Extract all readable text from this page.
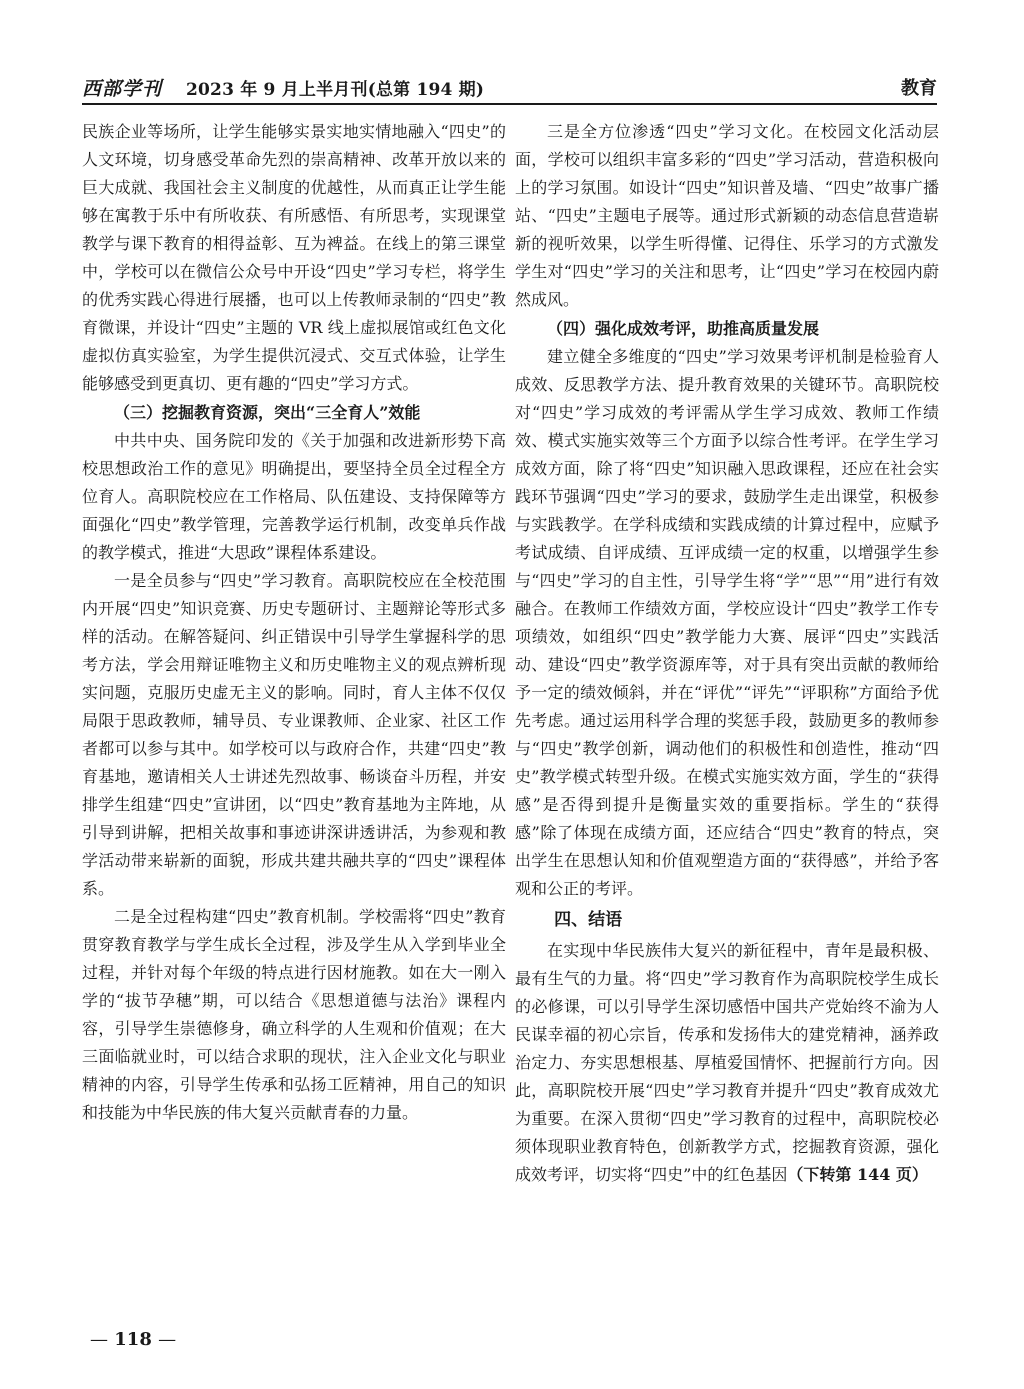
西部学刊 2023 年 9 月上半月刊(总第 194 期)	教育

民族企业等场所，让学生能够实景实地实情地融入“四史”的人文环境，切身感受革命先烈的崇高精神、改革开放以来的巨大成就、我国社会主义制度的优越性，从而真正让学生能够在寓教于乐中有所收获、有所感悟、有所思考，实现课堂教学与课下教育的相得益彰、互为裨益。在线上的第三课堂中，学校可以在微信公众号中开设“四史”学习专栏，将学生的优秀实践心得进行展播，也可以上传教师录制的“四史”教育微课，并设计“四史”主题的 VR 线上虚拟展馆或红色文化虚拟仿真实验室，为学生提供沉浸式、交互式体验，让学生能够感受到更真切、更有趣的“四史”学习方式。

（三）挖掘教育资源，突出“三全育人”效能

中共中央、国务院印发的《关于加强和改进新形势下高校思想政治工作的意见》明确提出，要坚持全员全过程全方位育人。高职院校应在工作格局、队伍建设、支持保障等方面强化“四史”教学管理，完善教学运行机制，改变单兵作战的教学模式，推进“大思政”课程体系建设。

一是全员参与“四史”学习教育。高职院校应在全校范围内开展“四史”知识竞赛、历史专题研讨、主题辩论等形式多样的活动。在解答疑问、纠正错误中引导学生掌握科学的思考方法，学会用辩证唯物主义和历史唯物主义的观点辨析现实问题，克服历史虚无主义的影响。同时，育人主体不仅仅局限于思政教师，辅导员、专业课教师、企业家、社区工作者都可以参与其中。如学校可以与政府合作，共建“四史”教育基地，邀请相关人士讲述先烈故事、畅谈奋斗历程，并安排学生组建“四史”宣讲团，以“四史”教育基地为主阵地，从引导到讲解，把相关故事和事迹讲深讲透讲活，为参观和教学活动带来崭新的面貌，形成共建共融共享的“四史”课程体系。

二是全过程构建“四史”教育机制。学校需将“四史”教育贯穿教育教学与学生成长全过程，涉及学生从入学到毕业全过程，并针对每个年级的特点进行因材施教。如在大一刚入学的“拔节孕穗”期，可以结合《思想道德与法治》课程内容，引导学生崇德修身，确立科学的人生观和价值观；在大三面临就业时，可以结合求职的现状，注入企业文化与职业精神的内容，引导学生传承和弘扬工匠精神，用自己的知识和技能为中华民族的伟大复兴贡献青春的力量。

三是全方位渗透“四史”学习文化。在校园文化活动层面，学校可以组织丰富多彩的“四史”学习活动，营造积极向上的学习氛围。如设计“四史”知识普及墙、“四史”故事广播站、“四史”主题电子展等。通过形式新颖的动态信息营造崭新的视听效果，以学生听得懂、记得住、乐学习的方式激发学生对“四史”学习的关注和思考，让“四史”学习在校园内蔚然成风。

（四）强化成效考评，助推高质量发展

建立健全多维度的“四史”学习效果考评机制是检验育人成效、反思教学方法、提升教育效果的关键环节。高职院校对“四史”学习成效的考评需从学生学习成效、教师工作绩效、模式实施实效等三个方面予以综合性考评。在学生学习成效方面，除了将“四史”知识融入思政课程，还应在社会实践环节强调“四史”学习的要求，鼓励学生走出课堂，积极参与实践教学。在学科成绩和实践成绩的计算过程中，应赋予考试成绩、自评成绩、互评成绩一定的权重，以增强学生参与“四史”学习的自主性，引导学生将“学”“思”“用”进行有效融合。在教师工作绩效方面，学校应设计“四史”教学工作专项绩效，如组织“四史”教学能力大赛、展评“四史”实践活动、建设“四史”教学资源库等，对于具有突出贡献的教师给予一定的绩效倾斜，并在“评优”“评先”“评职称”方面给予优先考虑。通过运用科学合理的奖惩手段，鼓励更多的教师参与“四史”教学创新，调动他们的积极性和创造性，推动“四史”教学模式转型升级。在模式实施实效方面，学生的“获得感”是否得到提升是衡量实效的重要指标。学生的“获得感”除了体现在成绩方面，还应结合“四史”教育的特点，突出学生在思想认知和价值观塑造方面的“获得感”，并给予客观和公正的考评。

四、结语

在实现中华民族伟大复兴的新征程中，青年是最积极、最有生气的力量。将“四史”学习教育作为高职院校学生成长的必修课，可以引导学生深切感悟中国共产党始终不渝为人民谋幸福的初心宗旨，传承和发扬伟大的建党精神，涵养政治定力、夯实思想根基、厚植爱国情怀、把握前行方向。因此，高职院校开展“四史”学习教育并提升“四史”教育成效尤为重要。在深入贯彻“四史”学习教育的过程中，高职院校必须体现职业教育特色，创新教学方式，挖掘教育资源，强化成效考评，切实将“四史”中的红色基因（下转第 144 页）

— 118 —
